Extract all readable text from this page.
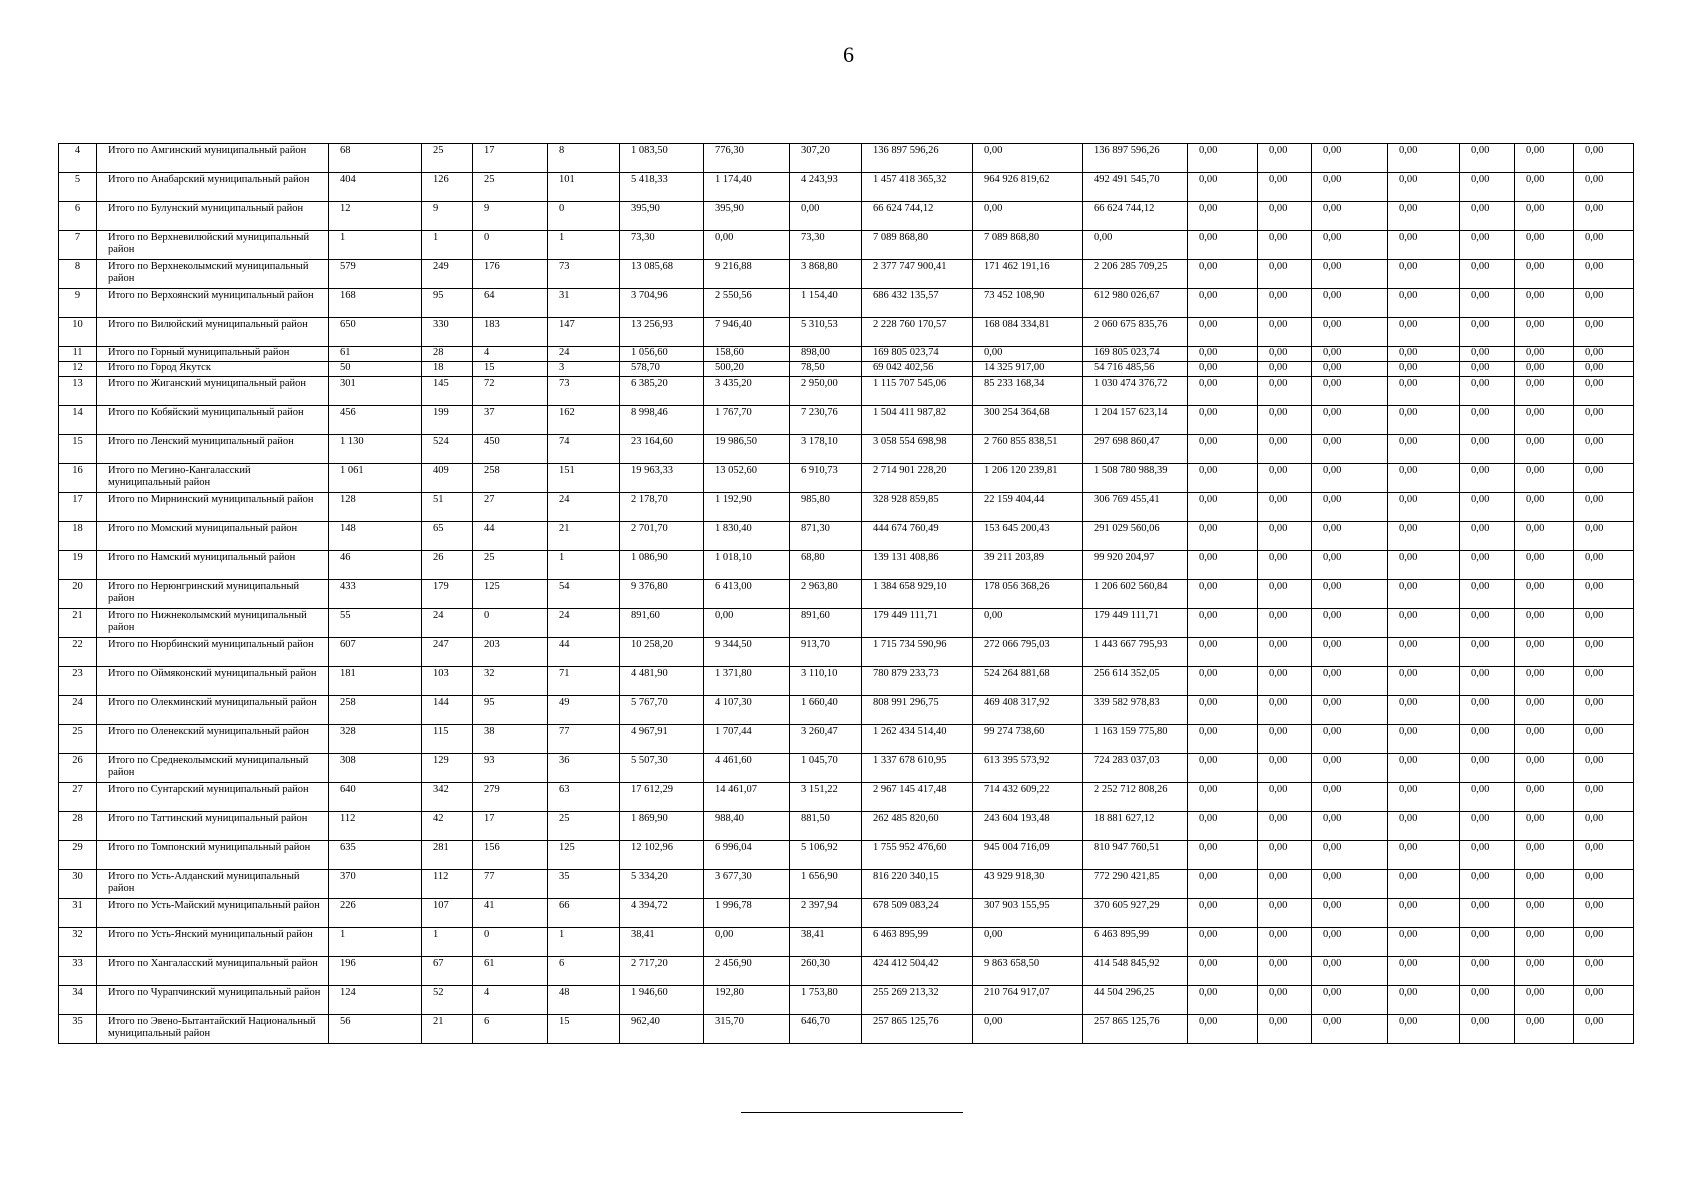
6
4	Итого по Амгинский муниципальный район	68	25	17	8	1 083,50	776,30	307,20	136 897 596,26	0,00	136 897 596,26	0,00	0,00	0,00	0,00	0,00	0,00	0,00
5	Итого по Анабарский муниципальный район	404	126	25	101	5 418,33	1 174,40	4 243,93	1 457 418 365,32	964 926 819,62	492 491 545,70	0,00	0,00	0,00	0,00	0,00	0,00	0,00
6	Итого по Булунский муниципальный район	12	9	9	0	395,90	395,90	0,00	66 624 744,12	0,00	66 624 744,12	0,00	0,00	0,00	0,00	0,00	0,00	0,00
7	Итого по Верхневилюйский муниципальный район	1	1	0	1	73,30	0,00	73,30	7 089 868,80	7 089 868,80	0,00	0,00	0,00	0,00	0,00	0,00	0,00	0,00
8	Итого по Верхнеколымский муниципальный район	579	249	176	73	13 085,68	9 216,88	3 868,80	2 377 747 900,41	171 462 191,16	2 206 285 709,25	0,00	0,00	0,00	0,00	0,00	0,00	0,00
9	Итого по Верхоянский муниципальный район	168	95	64	31	3 704,96	2 550,56	1 154,40	686 432 135,57	73 452 108,90	612 980 026,67	0,00	0,00	0,00	0,00	0,00	0,00	0,00
10	Итого по Вилюйский муниципальный район	650	330	183	147	13 256,93	7 946,40	5 310,53	2 228 760 170,57	168 084 334,81	2 060 675 835,76	0,00	0,00	0,00	0,00	0,00	0,00	0,00
11	Итого по Горный муниципальный район	61	28	4	24	1 056,60	158,60	898,00	169 805 023,74	0,00	169 805 023,74	0,00	0,00	0,00	0,00	0,00	0,00	0,00
12	Итого по Город Якутск	50	18	15	3	578,70	500,20	78,50	69 042 402,56	14 325 917,00	54 716 485,56	0,00	0,00	0,00	0,00	0,00	0,00	0,00
13	Итого по Жиганский муниципальный район	301	145	72	73	6 385,20	3 435,20	2 950,00	1 115 707 545,06	85 233 168,34	1 030 474 376,72	0,00	0,00	0,00	0,00	0,00	0,00	0,00
14	Итого по Кобяйский муниципальный район	456	199	37	162	8 998,46	1 767,70	7 230,76	1 504 411 987,82	300 254 364,68	1 204 157 623,14	0,00	0,00	0,00	0,00	0,00	0,00	0,00
15	Итого по Ленский муниципальный район	1 130	524	450	74	23 164,60	19 986,50	3 178,10	3 058 554 698,98	2 760 855 838,51	297 698 860,47	0,00	0,00	0,00	0,00	0,00	0,00	0,00
16	Итого по Мегино-Кангаласский муниципальный район	1 061	409	258	151	19 963,33	13 052,60	6 910,73	2 714 901 228,20	1 206 120 239,81	1 508 780 988,39	0,00	0,00	0,00	0,00	0,00	0,00	0,00
17	Итого по Мирнинский муниципальный район	128	51	27	24	2 178,70	1 192,90	985,80	328 928 859,85	22 159 404,44	306 769 455,41	0,00	0,00	0,00	0,00	0,00	0,00	0,00
18	Итого по Момский муниципальный район	148	65	44	21	2 701,70	1 830,40	871,30	444 674 760,49	153 645 200,43	291 029 560,06	0,00	0,00	0,00	0,00	0,00	0,00	0,00
19	Итого по Намский муниципальный район	46	26	25	1	1 086,90	1 018,10	68,80	139 131 408,86	39 211 203,89	99 920 204,97	0,00	0,00	0,00	0,00	0,00	0,00	0,00
20	Итого по Нерюнгринский муниципальный район	433	179	125	54	9 376,80	6 413,00	2 963,80	1 384 658 929,10	178 056 368,26	1 206 602 560,84	0,00	0,00	0,00	0,00	0,00	0,00	0,00
21	Итого по Нижнеколымский муниципальный район	55	24	0	24	891,60	0,00	891,60	179 449 111,71	0,00	179 449 111,71	0,00	0,00	0,00	0,00	0,00	0,00	0,00
22	Итого по Нюрбинский муниципальный район	607	247	203	44	10 258,20	9 344,50	913,70	1 715 734 590,96	272 066 795,03	1 443 667 795,93	0,00	0,00	0,00	0,00	0,00	0,00	0,00
23	Итого по Оймяконский муниципальный район	181	103	32	71	4 481,90	1 371,80	3 110,10	780 879 233,73	524 264 881,68	256 614 352,05	0,00	0,00	0,00	0,00	0,00	0,00	0,00
24	Итого по Олекминский муниципальный район	258	144	95	49	5 767,70	4 107,30	1 660,40	808 991 296,75	469 408 317,92	339 582 978,83	0,00	0,00	0,00	0,00	0,00	0,00	0,00
25	Итого по Оленекский муниципальный район	328	115	38	77	4 967,91	1 707,44	3 260,47	1 262 434 514,40	99 274 738,60	1 163 159 775,80	0,00	0,00	0,00	0,00	0,00	0,00	0,00
26	Итого по Среднеколымский муниципальный район	308	129	93	36	5 507,30	4 461,60	1 045,70	1 337 678 610,95	613 395 573,92	724 283 037,03	0,00	0,00	0,00	0,00	0,00	0,00	0,00
27	Итого по Сунтарский муниципальный район	640	342	279	63	17 612,29	14 461,07	3 151,22	2 967 145 417,48	714 432 609,22	2 252 712 808,26	0,00	0,00	0,00	0,00	0,00	0,00	0,00
28	Итого по Таттинский муниципальный район	112	42	17	25	1 869,90	988,40	881,50	262 485 820,60	243 604 193,48	18 881 627,12	0,00	0,00	0,00	0,00	0,00	0,00	0,00
29	Итого по Томпонский муниципальный район	635	281	156	125	12 102,96	6 996,04	5 106,92	1 755 952 476,60	945 004 716,09	810 947 760,51	0,00	0,00	0,00	0,00	0,00	0,00	0,00
30	Итого по Усть-Алданский муниципальный район	370	112	77	35	5 334,20	3 677,30	1 656,90	816 220 340,15	43 929 918,30	772 290 421,85	0,00	0,00	0,00	0,00	0,00	0,00	0,00
31	Итого по Усть-Майский муниципальный район	226	107	41	66	4 394,72	1 996,78	2 397,94	678 509 083,24	307 903 155,95	370 605 927,29	0,00	0,00	0,00	0,00	0,00	0,00	0,00
32	Итого по Усть-Янский муниципальный район	1	1	0	1	38,41	0,00	38,41	6 463 895,99	0,00	6 463 895,99	0,00	0,00	0,00	0,00	0,00	0,00	0,00
33	Итого по Хангаласский муниципальный район	196	67	61	6	2 717,20	2 456,90	260,30	424 412 504,42	9 863 658,50	414 548 845,92	0,00	0,00	0,00	0,00	0,00	0,00	0,00
34	Итого по Чурапчинский муниципальный район	124	52	4	48	1 946,60	192,80	1 753,80	255 269 213,32	210 764 917,07	44 504 296,25	0,00	0,00	0,00	0,00	0,00	0,00	0,00
35	Итого по Эвено-Бытантайский Национальный муниципальный район	56	21	6	15	962,40	315,70	646,70	257 865 125,76	0,00	257 865 125,76	0,00	0,00	0,00	0,00	0,00	0,00	0,00
